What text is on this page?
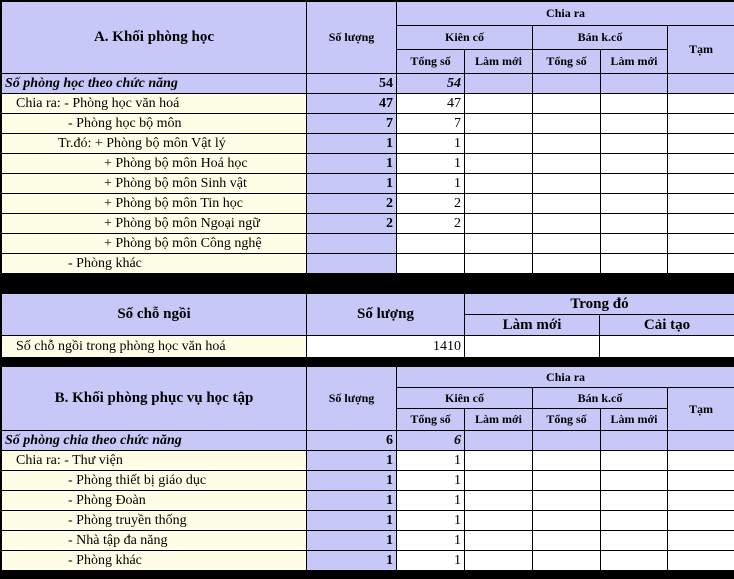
A. Khối phòng học	Số lượng	Chia ra				
		Kiên cố		Bán k.cố		Tạm
		Tổng số	Làm mới	Tổng số	Làm mới	
Số phòng học theo chức năng	54	54				
Chia ra: - Phòng học văn hoá	47	47				
- Phòng học bộ môn	7	7				
Tr.đó: + Phòng bộ môn Vật lý	1	1				
+ Phòng bộ môn Hoá học	1	1				
+ Phòng bộ môn Sinh vật	1	1				
+ Phòng bộ môn Tin học	2	2				
+ Phòng bộ môn Ngoại ngữ	2	2				
+ Phòng bộ môn Công nghệ						
- Phòng khác						
Số chỗ ngồi	Số lượng	Trong đó	
		Làm mới	Cải tạo
Số chỗ ngồi trong phòng học văn hoá	1410		
B. Khối phòng phục vụ học tập	Số lượng	Chia ra				
		Kiên cố		Bán k.cố		Tạm
		Tổng số	Làm mới	Tổng số	Làm mới	
Số phòng chia theo chức năng	6	6				
Chia ra: - Thư viện	1	1				
- Phòng thiết bị giáo dục	1	1				
- Phòng Đoàn	1	1				
- Phòng truyền thống	1	1				
- Nhà tập đa năng	1	1				
- Phòng khác	1	1				
